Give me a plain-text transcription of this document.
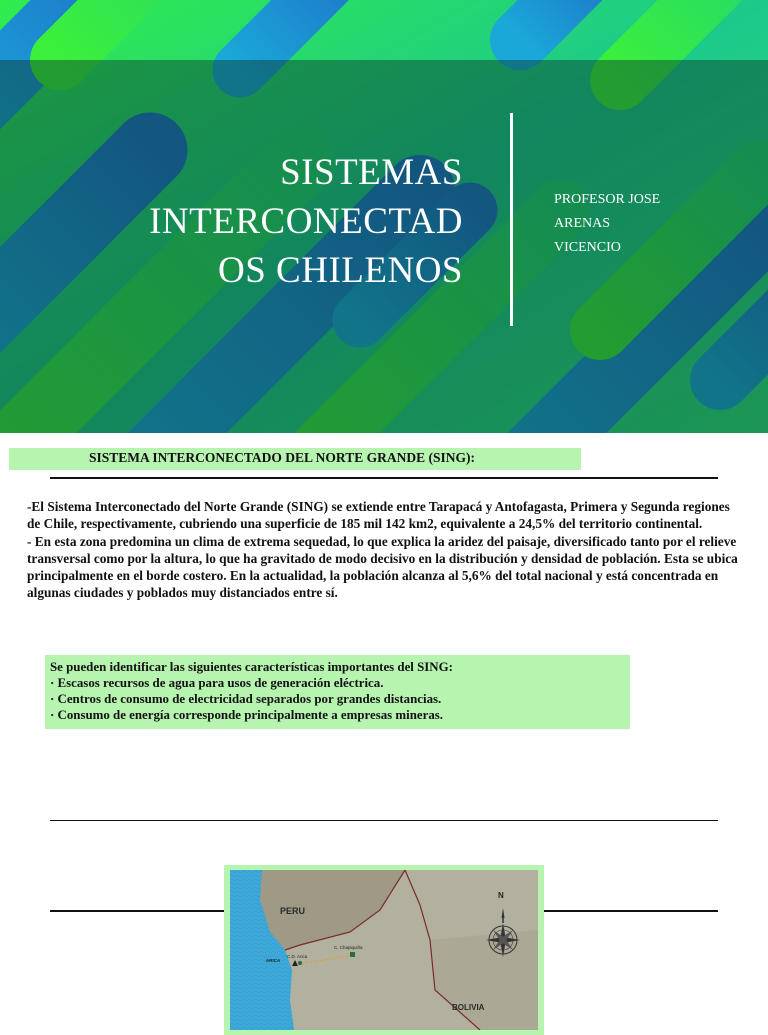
SISTEMAS
INTERCONECTAD
OS CHILENOS
PROFESOR JOSE
ARENAS
VICENCIO
SISTEMA INTERCONECTADO DEL NORTE GRANDE (SING):

-El Sistema Interconectado del Norte Grande (SING) se extiende entre Tarapacá y Antofagasta, Primera y Segunda regiones de Chile, respectivamente, cubriendo una superficie de 185 mil 142 km2, equivalente a 24,5% del territorio continental.

- En esta zona predomina un clima de extrema sequedad, lo que explica la aridez del paisaje, diversificado tanto por el relieve transversal como por la altura, lo que ha gravitado de modo decisivo en la distribución y densidad de población. Esta se ubica principalmente en el borde costero. En la actualidad, la población alcanza al 5,6% del total nacional y está concentrada en algunas ciudades y poblados muy distanciados entre sí.

Se pueden identificar las siguientes características importantes del SING:
· Escasos recursos de agua para usos de generación eléctrica.
· Centros de consumo de electricidad separados por grandes distancias.
· Consumo de energía corresponde principalmente a empresas mineras.
PERU
BOLIVIA
ARICA
C.D. Arica
C. Chapiquiña
N
